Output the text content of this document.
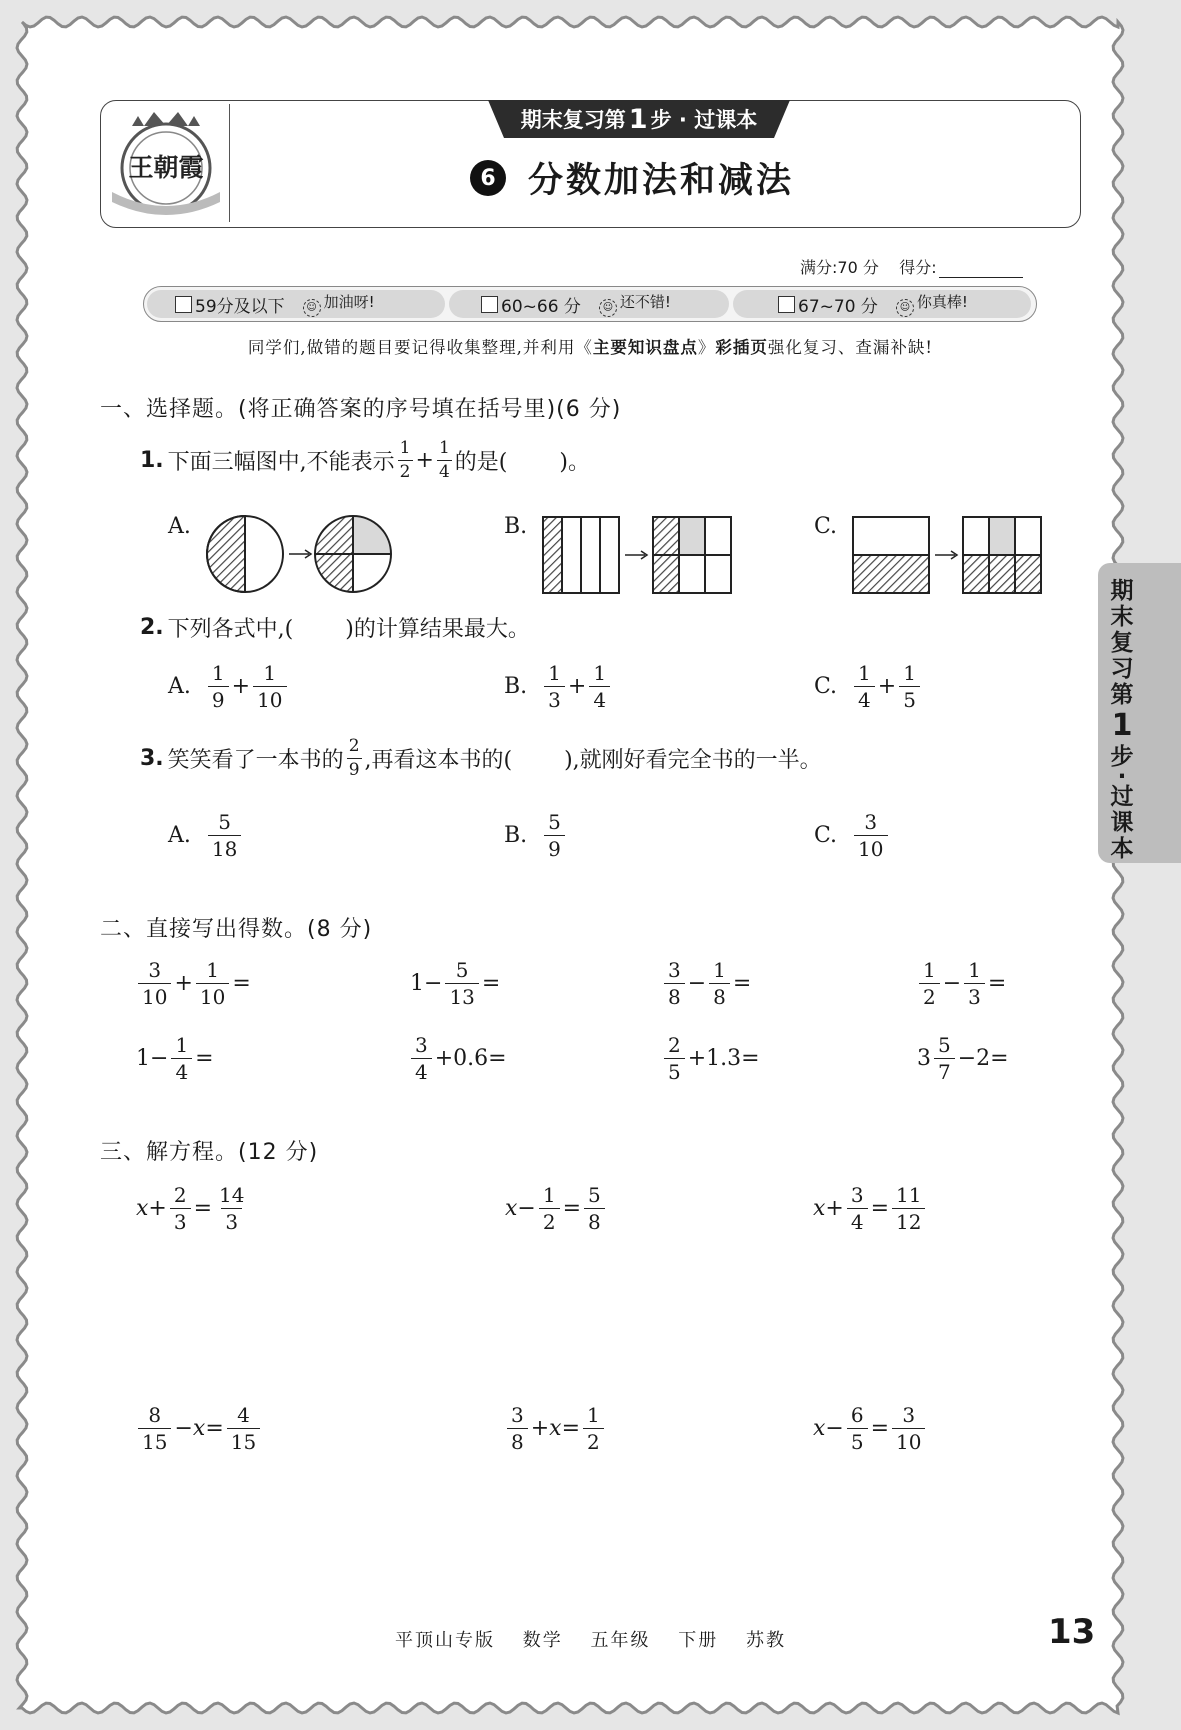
王朝霞
期末复习第 1 步 · 过课本
6 分数加法和减法
满分:70 分 得分:
59分及以下	☺ 加油呀!	60~66 分	☺ 还不错!	67~70 分	☺ 你真棒!
同学们,做错的题目要记得收集整理,并利用《主要知识盘点》彩插页强化复习、查漏补缺!
期
末
复
习
第
1
步
·
过
课
本
一、选择题。(将正确答案的序号填在括号里)(6 分)
1. 下面三幅图中,不能表示 $\frac{1}{2} + \frac{1}{4}$ 的是( )。
A.	B.	C.
2. 下列各式中,( )的计算结果最大。
A. $\frac{1}{9} + \frac{1}{10}$	B. $\frac{1}{3} + \frac{1}{4}$	C. $\frac{1}{4} + \frac{1}{5}$
3. 笑笑看了一本书的 $\frac{2}{9}$ ,再看这本书的( ),就刚好看完全书的一半。
A. $\frac{5}{18}$	B. $\frac{5}{9}$	C. $\frac{3}{10}$
二、直接写出得数。(8 分)
$\frac{3}{10} + \frac{1}{10}$ =	$1 - \frac{5}{13}$ =	$\frac{3}{8} - \frac{1}{8}$ =	$\frac{1}{2} - \frac{1}{3}$ =
$1 - \frac{1}{4}$ =	$\frac{3}{4} + 0.6$ =	$\frac{2}{5} + 1.3$ =	$3 \frac{5}{7} - 2$ =
三、解方程。(12 分)
$x + \frac{2}{3} = \frac{14}{3}$	$x - \frac{1}{2} = \frac{5}{8}$	$x + \frac{3}{4} = \frac{11}{12}$
$\frac{8}{15} - x = \frac{4}{15}$	$\frac{3}{8} + x = \frac{1}{2}$	$x - \frac{6}{5} = \frac{3}{10}$
平顶山专版 数学 五年级 下册 苏教	13
